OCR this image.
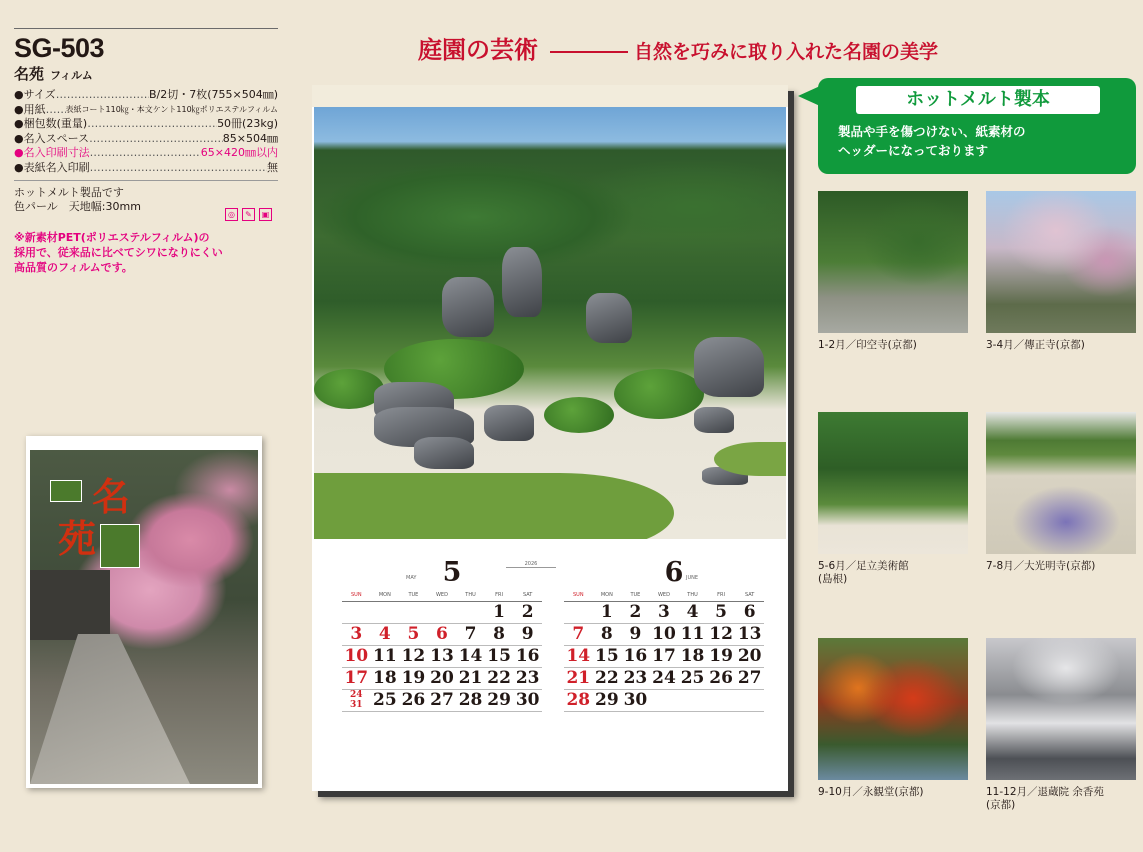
SG-503
名苑 フィルム
●サイズ …………………………………………………………………………	B/2切・7枚(755×504㎜)
●用紙 ………………………………………………………………………… 表紙コート110㎏・本文ケント110㎏ポリエステルフィルム
●梱包数(重量) …………………………………………………………………………	50冊(23kg)
●名入スペース …………………………………………………………………………	85×504㎜
●名入印刷寸法 …………………………………………………………………………	65×420㎜以内
●表紙名入印刷 …………………………………………………………………………	無
ホットメルト製品です
色パール　天地幅:30mm
◎	✎	▣
※新素材PET(ポリエステルフィルム)の
採用で、従来品に比べてシワになりにくい
高品質のフィルムです。
名
苑
庭園の芸術	自然を巧みに取り入れた名園の美学
5
MAY
2026
SUN	MON	TUE	WED	THU	FRI	SAT
					1	2
3	4	5	6	7	8	9
10	11	12	13	14	15	16
17	18	19	20	21	22	23

24
31	25	26	27	28	29	30
6 JUNE
SUN	MON	TUE	WED	THU	FRI	SAT
	1	2	3	4	5	6
7	8	9	10	11	12	13
14	15	16	17	18	19	20
21	22	23	24	25	26	27
28	29	30				
ホットメルト製本
製品や手を傷つけない、紙素材の
ヘッダーになっております
1-2月／印空寺(京都)	3-4月／傳正寺(京都)
5-6月／足立美術館
(島根)
7-8月／大光明寺(京都)
9-10月／永観堂(京都)	11-12月／退蔵院 余香苑
(京都)
